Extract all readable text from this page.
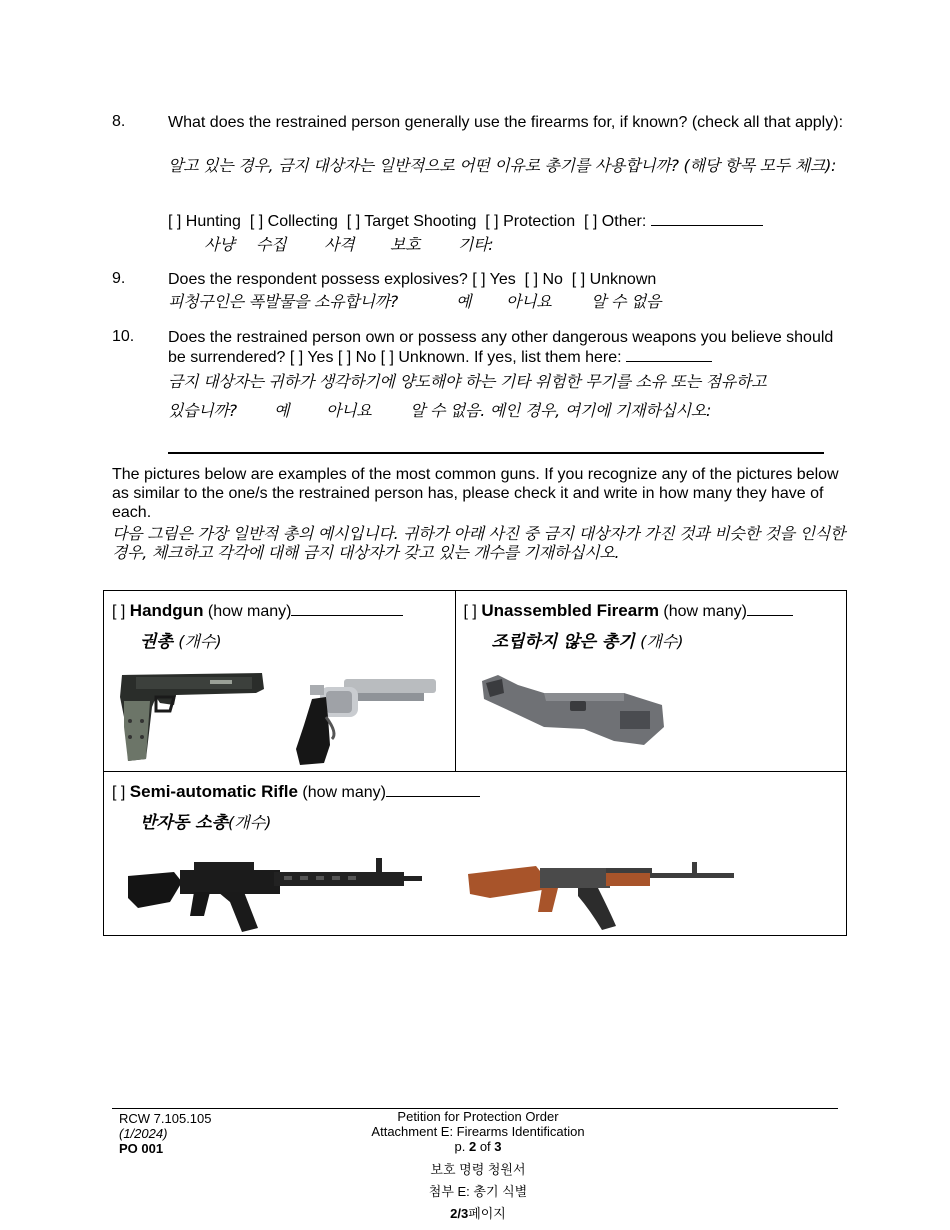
8.	What does the restrained person generally use the firearms for, if known? (check all that apply):
알고 있는 경우, 금지 대상자는 일반적으로 어떤 이유로 총기를 사용합니까? (해당 항목 모두 체크):
[ ] Hunting [ ] Collecting [ ] Target Shooting [ ] Protection [ ] Other:
사냥 수집 사격 보호 기타:
9.	Does the respondent possess explosives? [ ] Yes [ ] No [ ] Unknown
피청구인은 폭발물을 소유합니까?	예 아니요 알 수 없음
10. Does the restrained person own or possess any other dangerous weapons you believe should be surrendered? [ ] Yes [ ] No [ ] Unknown. If yes, list them here:
금지 대상자는 귀하가 생각하기에 양도해야 하는 기타 위험한 무기를 소유 또는 점유하고
있습니까? 예 아니요 알 수 없음. 예인 경우, 여기에 기재하십시오:
The pictures below are examples of the most common guns. If you recognize any of the pictures below as similar to the one/s the restrained person has, please check it and write in how many they have of each.
다음 그림은 가장 일반적 총의 예시입니다. 귀하가 아래 사진 중 금지 대상자가 가진 것과 비슷한 것을 인식한 경우, 체크하고 각각에 대해 금지 대상자가 갖고 있는 개수를 기재하십시오.
[ ] Handgun (how many)
권총 (개수)

[ ] Unassembled Firearm (how many)
조립하지 않은 총기 (개수)

[ ] Semi-automatic Rifle (how many)
반자동 소총(개수)
RCW 7.105.105
(1/2024)
PO 001
Petition for Protection Order
Attachment E: Firearms Identification
p. 2 of 3
보호 명령 청원서
첨부 E: 총기 식별
2/3페이지
